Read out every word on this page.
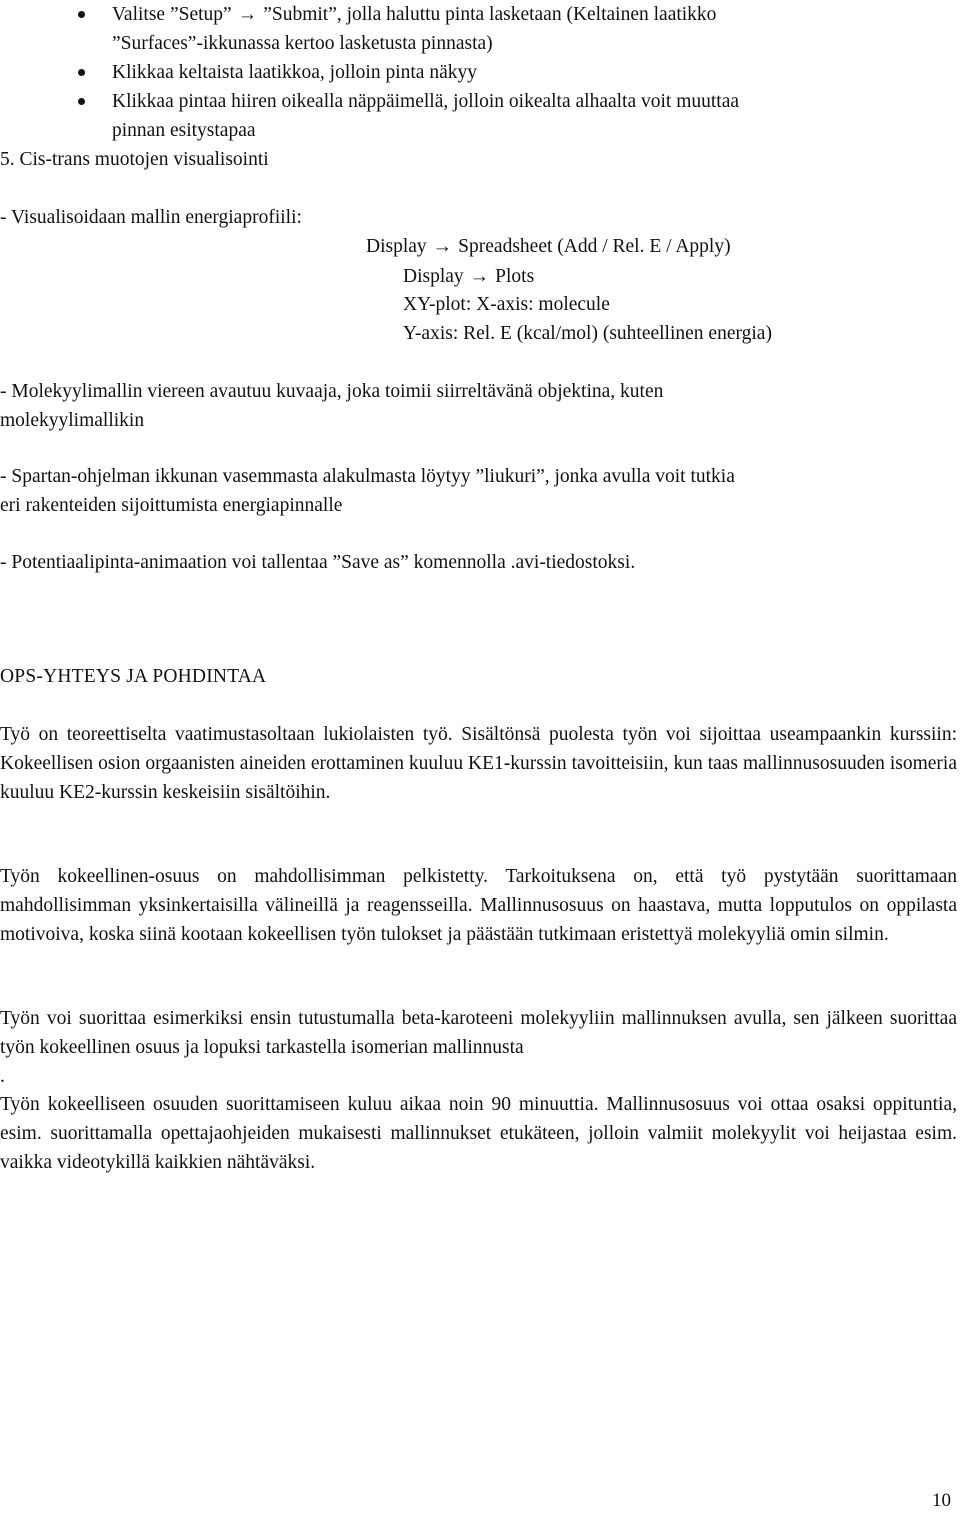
Valitse ”Setup” → ”Submit”, jolla haluttu pinta lasketaan (Keltainen laatikko
”Surfaces”-ikkunassa kertoo lasketusta pinnasta)
Klikkaa keltaista laatikkoa, jolloin pinta näkyy
Klikkaa pintaa hiiren oikealla näppäimellä, jolloin oikealta alhaalta voit muuttaa
pinnan esitystapaa

5. Cis-trans muotojen visualisointi

- Visualisoidaan mallin energiaprofiili:

Display → Spreadsheet (Add / Rel. E / Apply)

Display → Plots

XY-plot: X-axis: molecule

Y-axis: Rel. E (kcal/mol) (suhteellinen energia)

- Molekyylimallin viereen avautuu kuvaaja, joka toimii siirreltävänä objektina, kuten
molekyylimallikin

- Spartan-ohjelman ikkunan vasemmasta alakulmasta löytyy ”liukuri”, jonka avulla voit tutkia
eri rakenteiden sijoittumista energiapinnalle

- Potentiaalipinta-animaation voi tallentaa ”Save as” komennolla .avi-tiedostoksi.

OPS-YHTEYS JA POHDINTAA

Työ on teoreettiselta vaatimustasoltaan lukiolaisten työ. Sisältönsä puolesta työn voi sijoittaa useampaankin kurssiin: Kokeellisen osion orgaanisten aineiden erottaminen kuuluu KE1-kurssin tavoitteisiin, kun taas mallinnusosuuden isomeria kuuluu KE2-kurssin keskeisiin sisältöihin.

Työn kokeellinen-osuus on mahdollisimman pelkistetty. Tarkoituksena on, että työ pystytään suorittamaan mahdollisimman yksinkertaisilla välineillä ja reagensseilla. Mallinnusosuus on haastava, mutta lopputulos on oppilasta motivoiva, koska siinä kootaan kokeellisen työn tulokset ja päästään tutkimaan eristettyä molekyyliä omin silmin.

Työn voi suorittaa esimerkiksi ensin tutustumalla beta-karoteeni molekyyliin mallinnuksen avulla, sen jälkeen suorittaa työn kokeellinen osuus ja lopuksi tarkastella isomerian mallinnusta

.

Työn kokeelliseen osuuden suorittamiseen kuluu aikaa noin 90 minuuttia. Mallinnusosuus voi ottaa osaksi oppituntia, esim. suorittamalla opettajaohjeiden mukaisesti mallinnukset etukäteen, jolloin valmiit molekyylit voi heijastaa esim. vaikka videotykillä kaikkien nähtäväksi.

10
